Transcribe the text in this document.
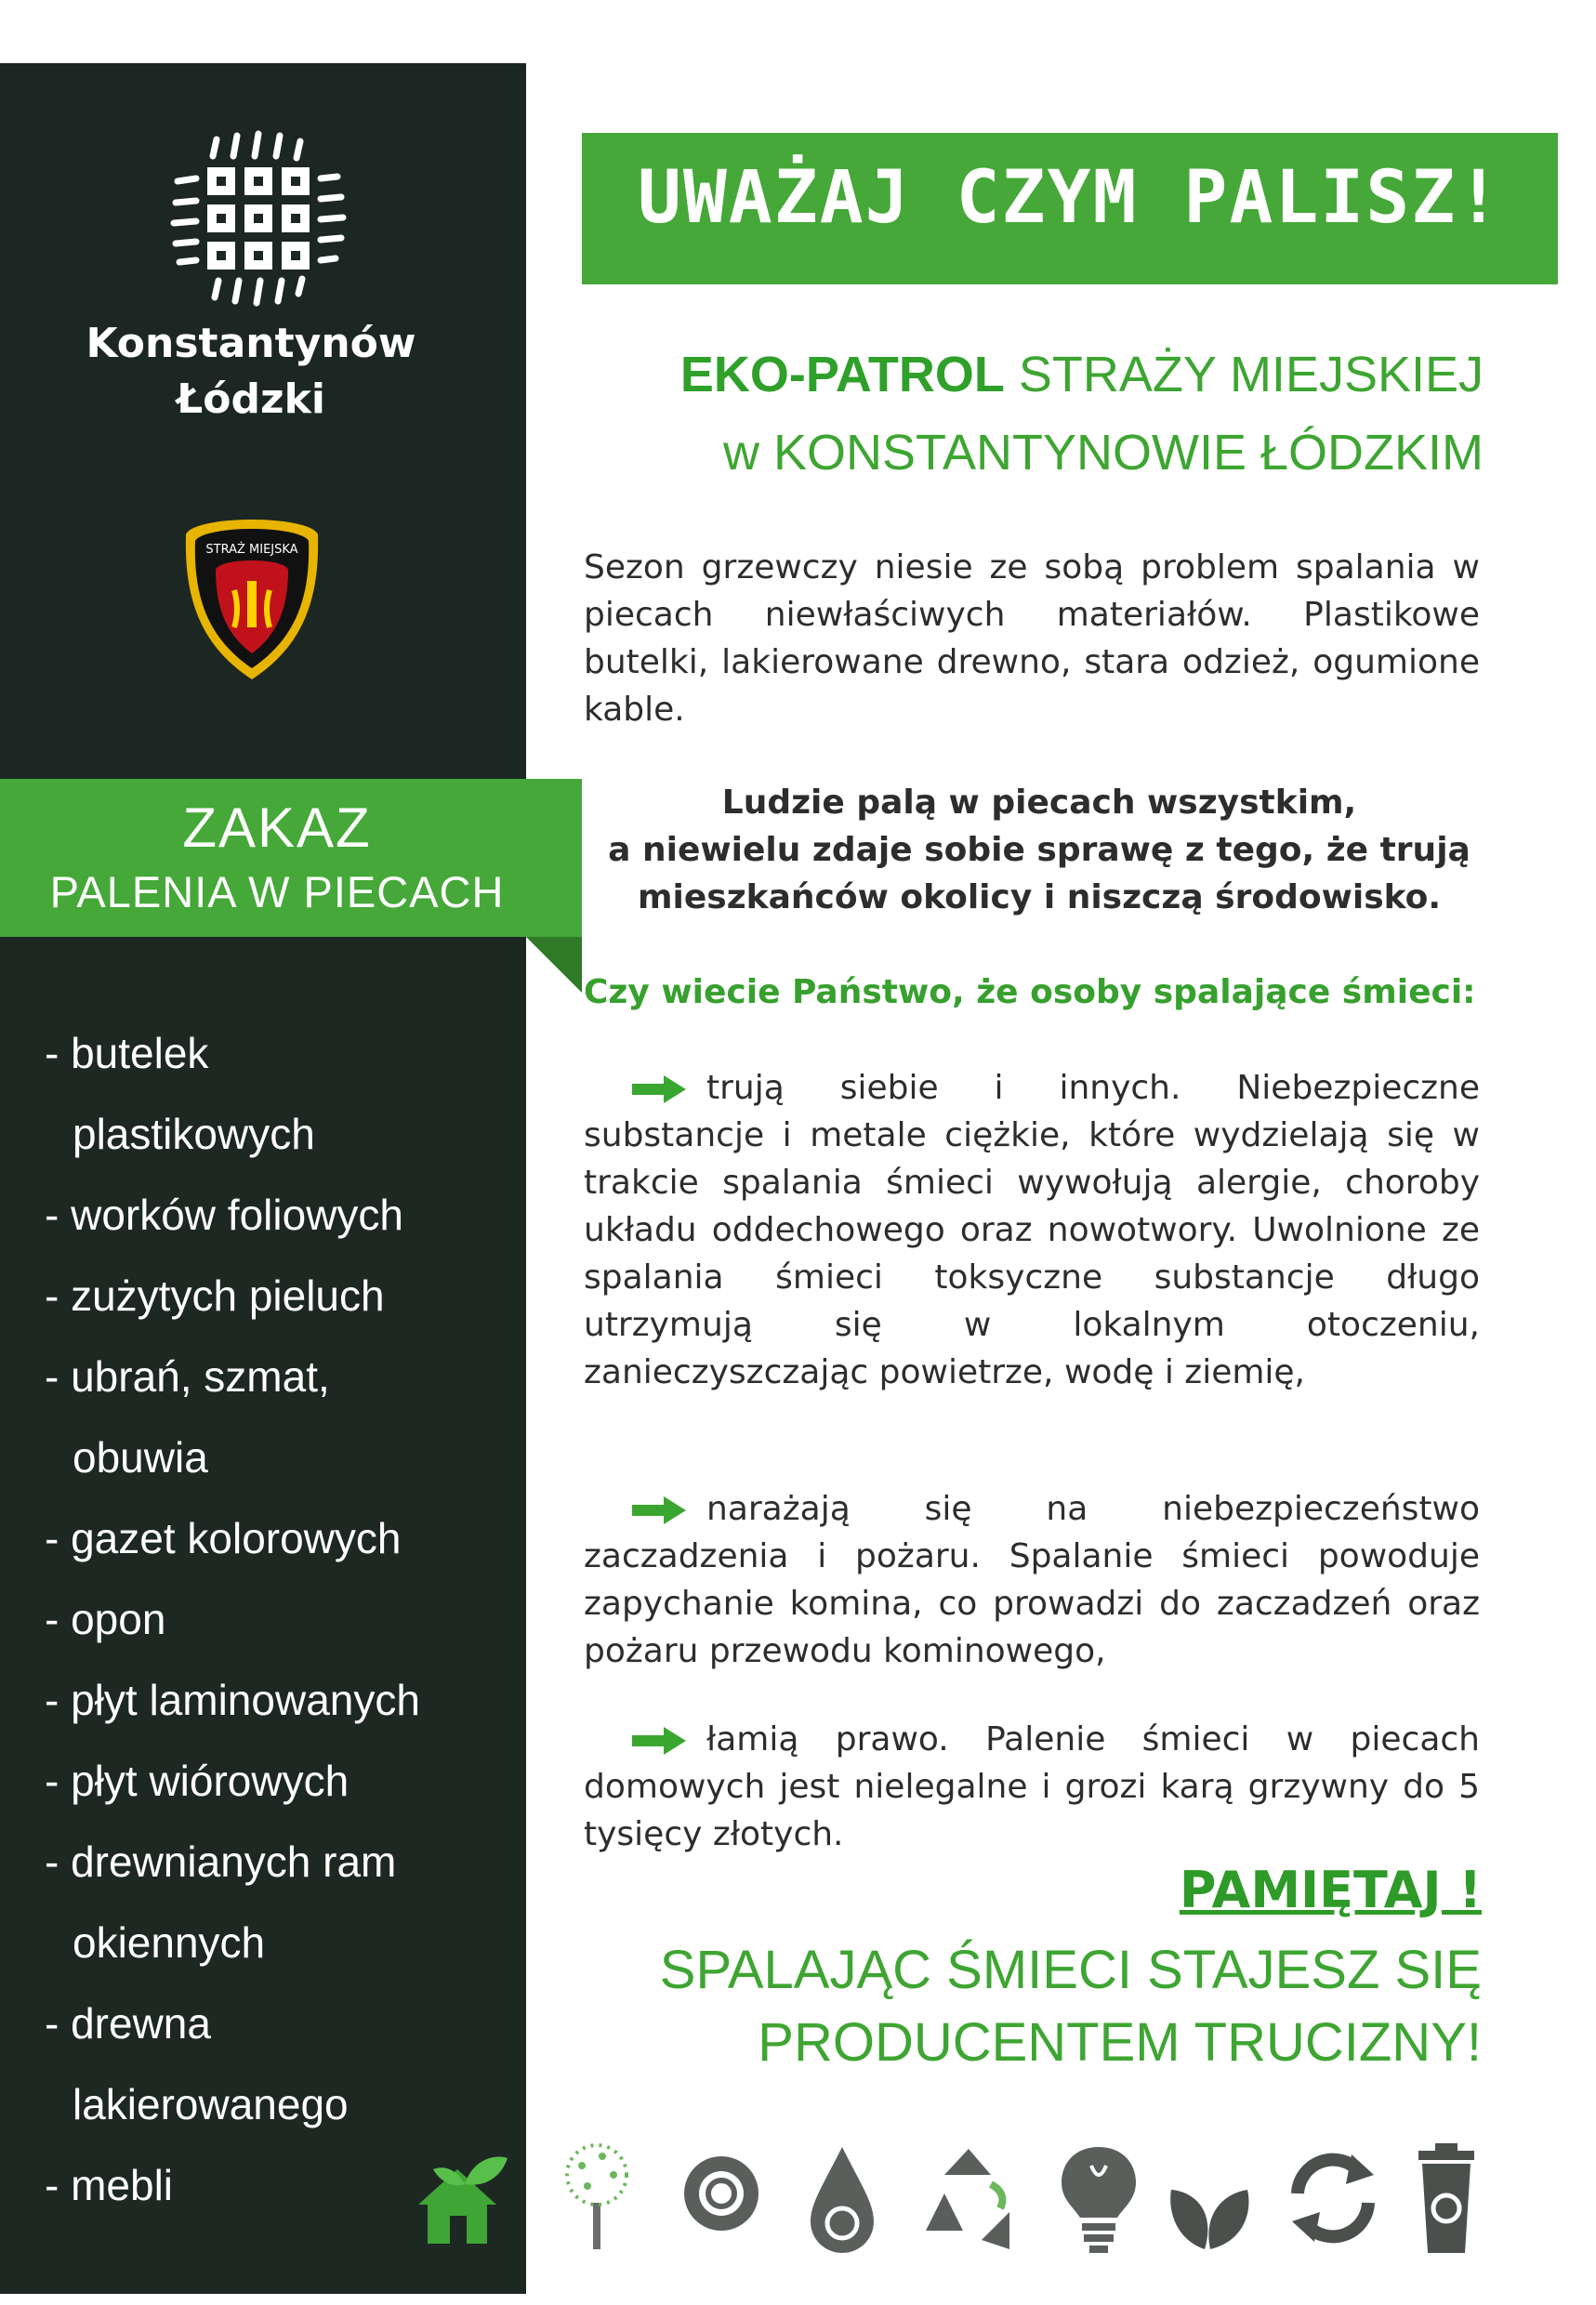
Konstantynów
Łódzki
STRAŻ MIEJSKA
ZAKAZ
PALENIA W PIECACH
- butelek
plastikowych
- worków foliowych
- zużytych pieluch
- ubrań, szmat,
obuwia
- gazet kolorowych
- opon
- płyt laminowanych
- płyt wiórowych
- drewnianych ram
okiennych
- drewna
lakierowanego
- mebli
UWAŻAJ CZYM PALISZ!
EKO-PATROL STRAŻY MIEJSKIEJ
w KONSTANTYNOWIE ŁÓDZKIM
Sezon grzewczy niesie ze sobą problem spalania w piecach niewłaściwych materiałów. Plastikowe butelki, lakierowane drewno, stara odzież, ogumione kable.
Ludzie palą w piecach wszystkim,
a niewielu zdaje sobie sprawę z tego, że trują
mieszkańców okolicy i niszczą środowisko.
Czy wiecie Państwo, że osoby spalające śmieci:
trują siebie i innych. Niebezpieczne substancje i metale ciężkie, które wydzielają się w trakcie spalania śmieci wywołują alergie, choroby układu oddechowego oraz nowotwory. Uwolnione ze spalania śmieci toksyczne substancje długo utrzymują się w lokalnym otoczeniu, zanieczyszczając powietrze, wodę i ziemię,
narażają się na niebezpieczeństwo zaczadzenia i pożaru. Spalanie śmieci powoduje zapychanie komina, co prowadzi do zaczadzeń oraz pożaru przewodu kominowego,
łamią prawo. Palenie śmieci w piecach domowych jest nielegalne i grozi karą grzywny do 5 tysięcy złotych.
PAMIĘTAJ !
SPALAJĄC ŚMIECI STAJESZ SIĘ
PRODUCENTEM TRUCIZNY!
